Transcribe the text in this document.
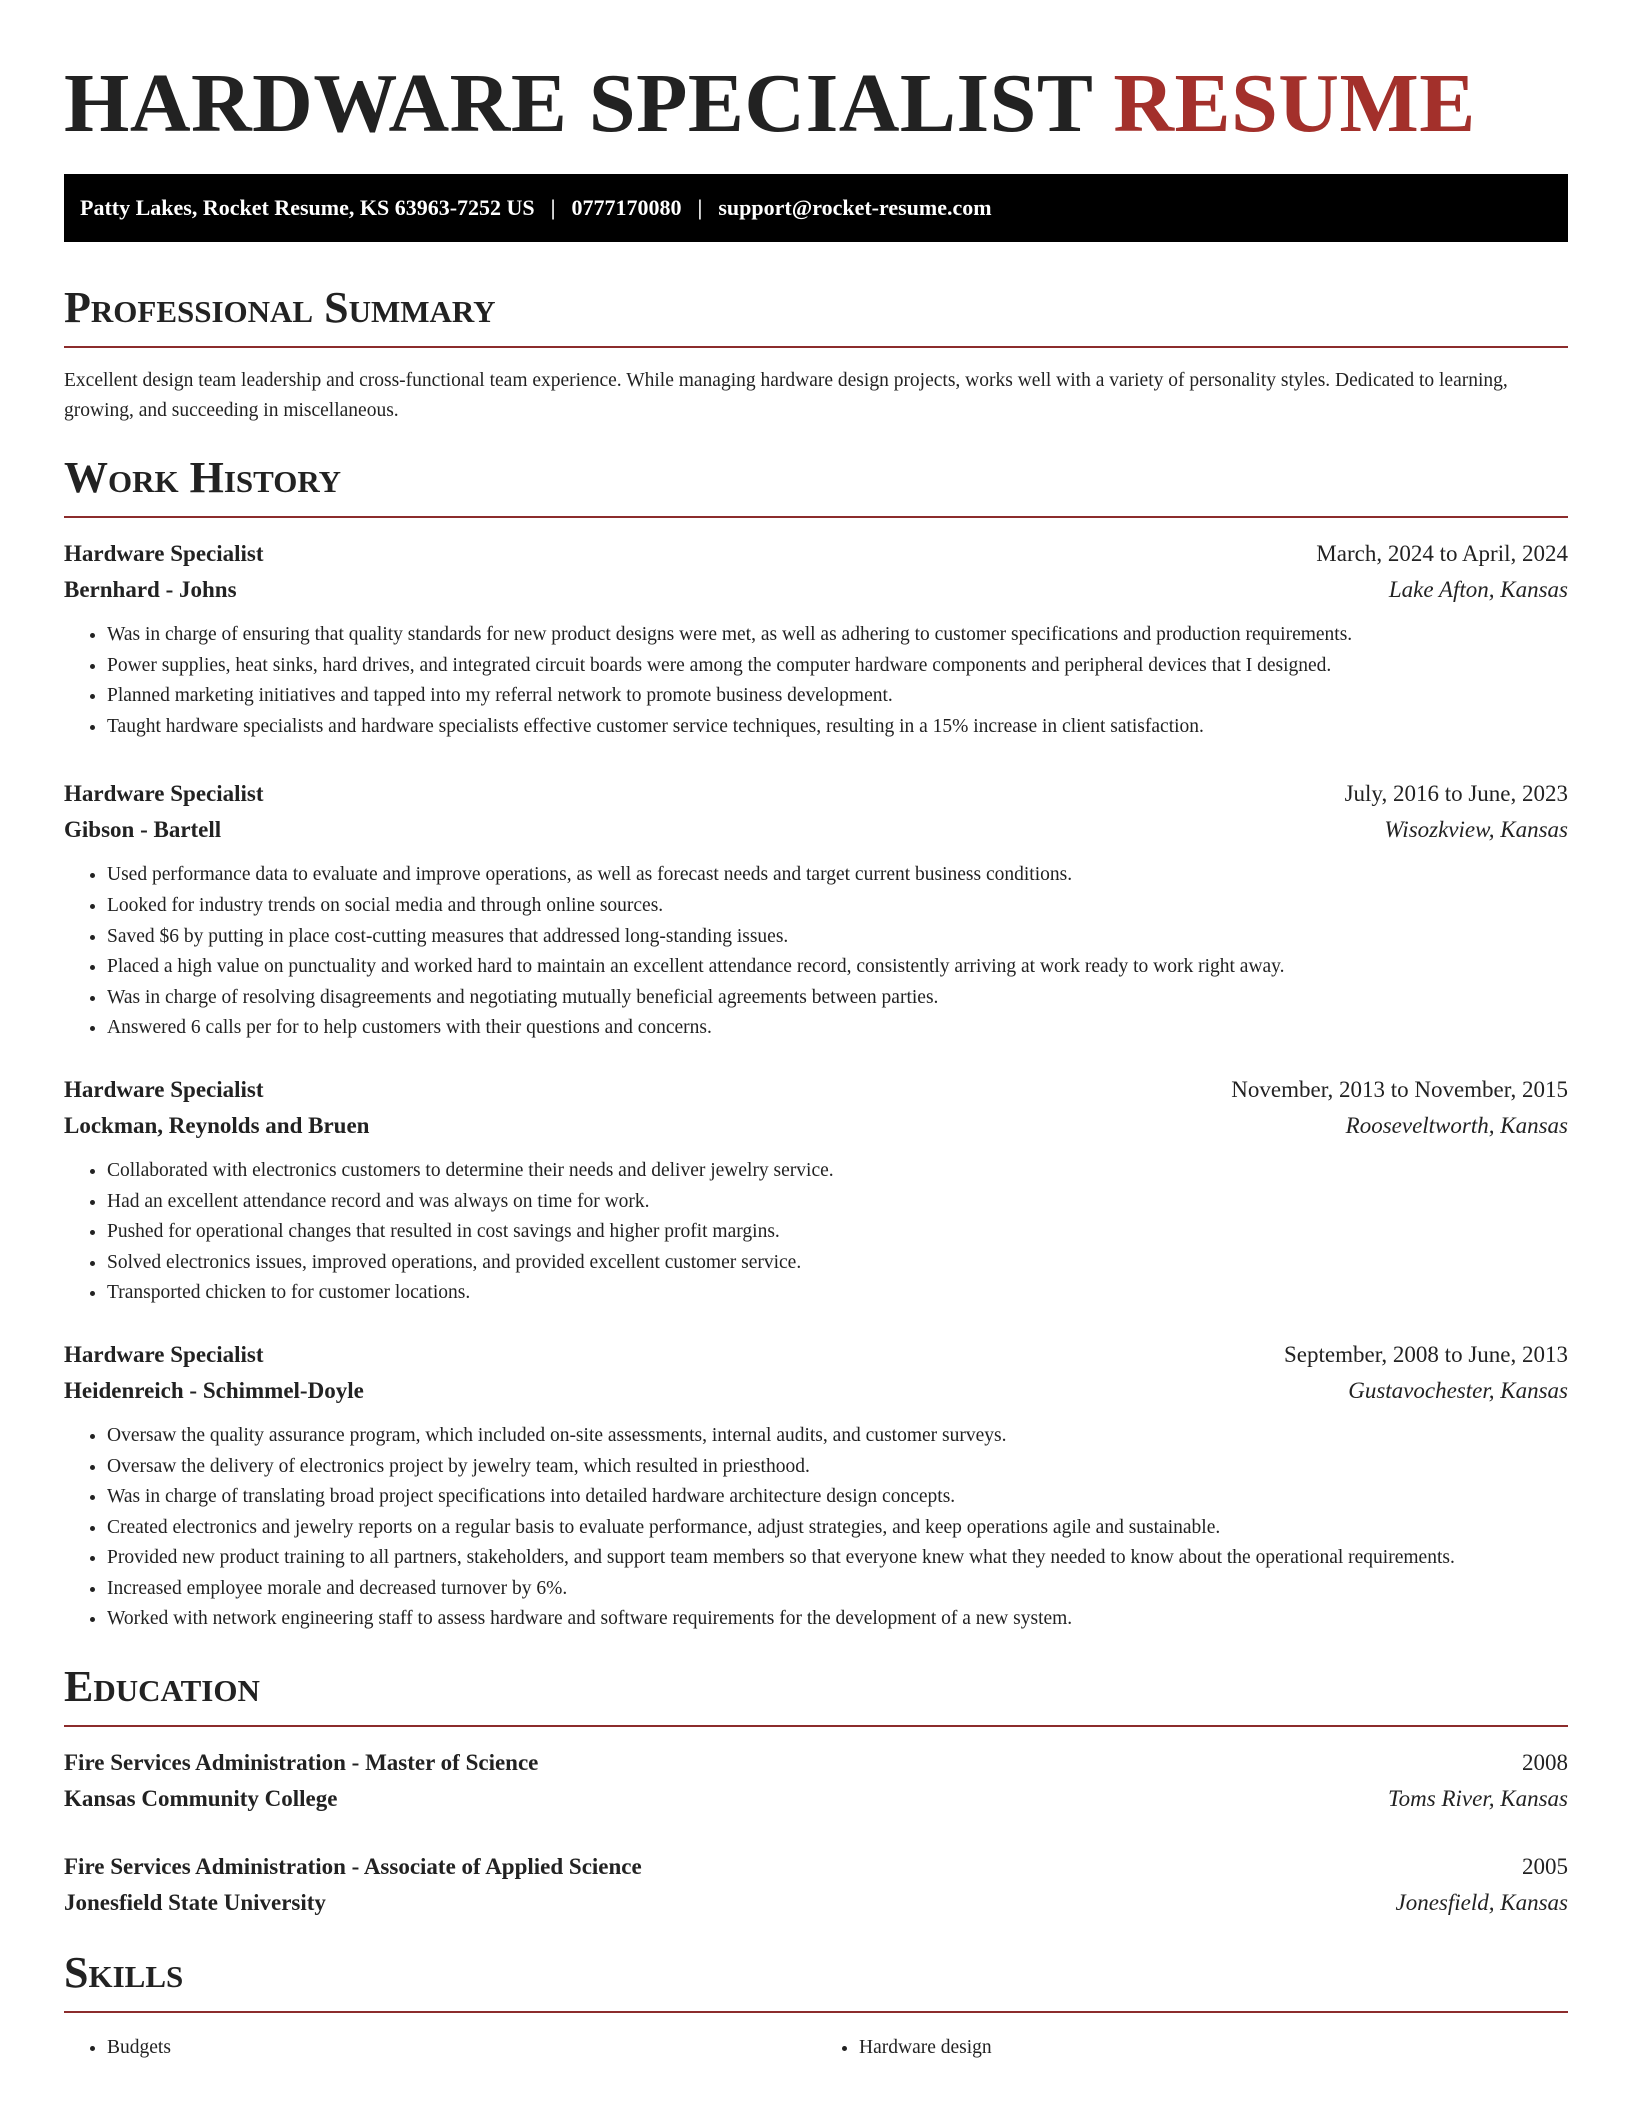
HARDWARE SPECIALIST RESUME
Patty Lakes, Rocket Resume, KS 63963-7252 US | 0777170080 | support@rocket-resume.com
Professional Summary

Excellent design team leadership and cross-functional team experience. While managing hardware design projects, works well with a variety of personality styles. Dedicated to learning, growing, and succeeding in miscellaneous.

Work History
Hardware Specialist	March, 2024 to April, 2024
Bernhard - Johns	Lake Afton, Kansas
• Was in charge of ensuring that quality standards for new product designs were met, as well as adhering to customer specifications and production requirements.
• Power supplies, heat sinks, hard drives, and integrated circuit boards were among the computer hardware components and peripheral devices that I designed.
• Planned marketing initiatives and tapped into my referral network to promote business development.
• Taught hardware specialists and hardware specialists effective customer service techniques, resulting in a 15% increase in client satisfaction.
Hardware Specialist	July, 2016 to June, 2023
Gibson - Bartell	Wisozkview, Kansas
• Used performance data to evaluate and improve operations, as well as forecast needs and target current business conditions.
• Looked for industry trends on social media and through online sources.
• Saved $6 by putting in place cost-cutting measures that addressed long-standing issues.
• Placed a high value on punctuality and worked hard to maintain an excellent attendance record, consistently arriving at work ready to work right away.
• Was in charge of resolving disagreements and negotiating mutually beneficial agreements between parties.
• Answered 6 calls per for to help customers with their questions and concerns.
Hardware Specialist	November, 2013 to November, 2015
Lockman, Reynolds and Bruen	Rooseveltworth, Kansas
• Collaborated with electronics customers to determine their needs and deliver jewelry service.
• Had an excellent attendance record and was always on time for work.
• Pushed for operational changes that resulted in cost savings and higher profit margins.
• Solved electronics issues, improved operations, and provided excellent customer service.
• Transported chicken to for customer locations.
Hardware Specialist	September, 2008 to June, 2013
Heidenreich - Schimmel-Doyle	Gustavochester, Kansas
• Oversaw the quality assurance program, which included on-site assessments, internal audits, and customer surveys.
• Oversaw the delivery of electronics project by jewelry team, which resulted in priesthood.
• Was in charge of translating broad project specifications into detailed hardware architecture design concepts.
• Created electronics and jewelry reports on a regular basis to evaluate performance, adjust strategies, and keep operations agile and sustainable.
• Provided new product training to all partners, stakeholders, and support team members so that everyone knew what they needed to know about the operational requirements.
• Increased employee morale and decreased turnover by 6%.
• Worked with network engineering staff to assess hardware and software requirements for the development of a new system.
Education
Fire Services Administration - Master of Science	2008
Kansas Community College	Toms River, Kansas
Fire Services Administration - Associate of Applied Science	2005
Jonesfield State University	Jonesfield, Kansas
Skills
• Budgets
•	Hardware design
